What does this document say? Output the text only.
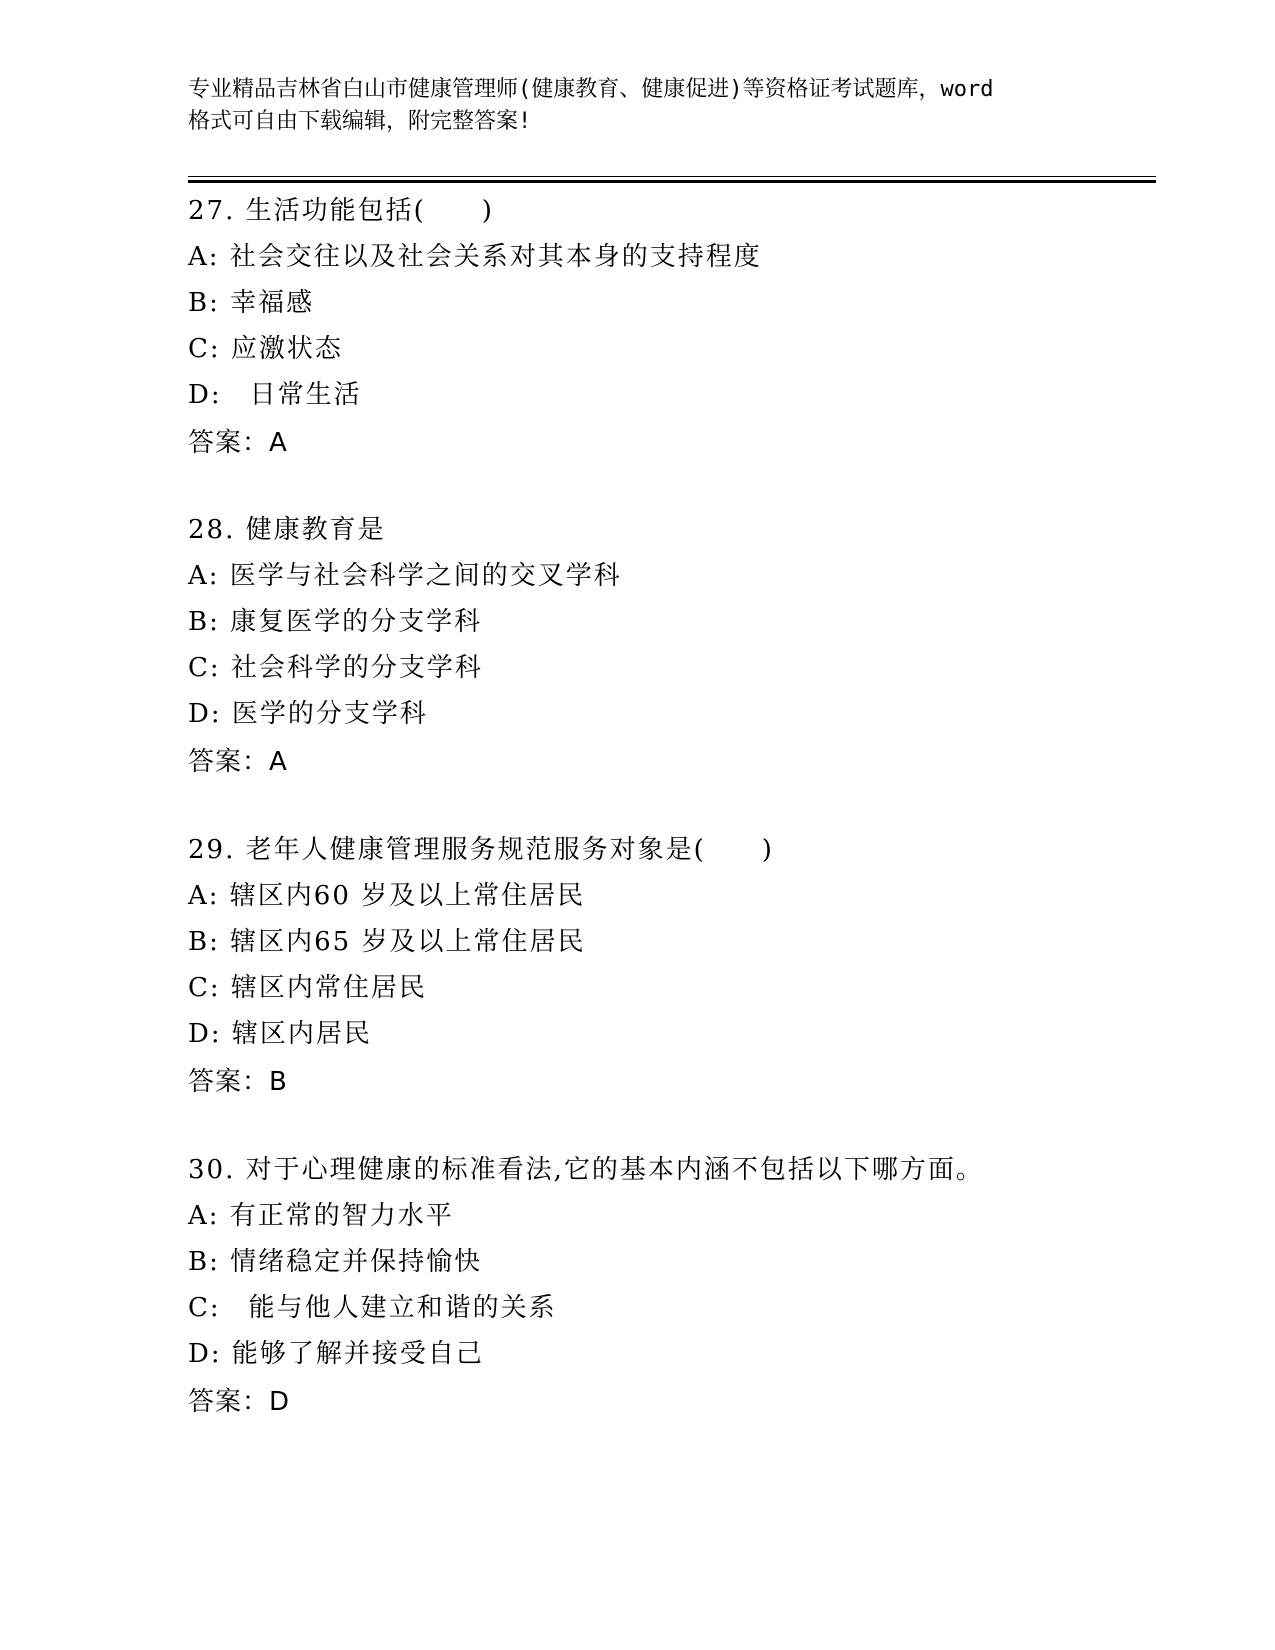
专业精品吉林省白山市健康管理师(健康教育、健康促进)等资格证考试题库，word
格式可自由下载编辑，附完整答案!
27. 生活功能包括(　　)
A: 社会交往以及社会关系对其本身的支持程度
B: 幸福感
C: 应激状态
D:　日常生活
答案：A
28. 健康教育是
A: 医学与社会科学之间的交叉学科
B: 康复医学的分支学科
C: 社会科学的分支学科
D: 医学的分支学科
答案：A
29. 老年人健康管理服务规范服务对象是(　　)
A: 辖区内60 岁及以上常住居民
B: 辖区内65 岁及以上常住居民
C: 辖区内常住居民
D: 辖区内居民
答案：B
30. 对于心理健康的标准看法,它的基本内涵不包括以下哪方面。
A: 有正常的智力水平
B: 情绪稳定并保持愉快
C:　能与他人建立和谐的关系
D: 能够了解并接受自己
答案：D
